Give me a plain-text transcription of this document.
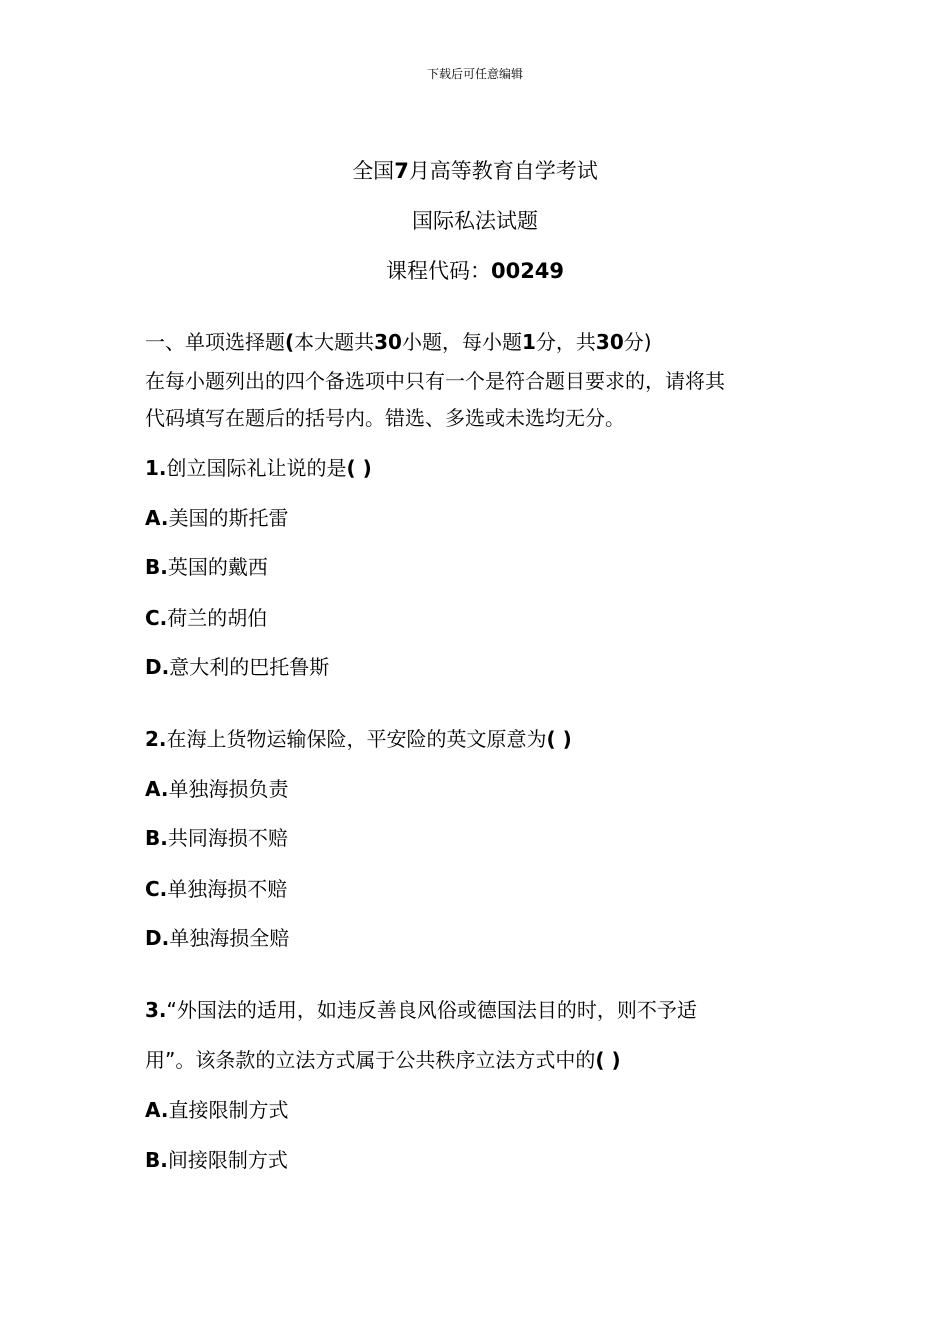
下载后可任意编辑
全国7月高等教育自学考试
国际私法试题
课程代码：00249
一、单项选择题(本大题共30小题，每小题1分，共30分)
在每小题列出的四个备选项中只有一个是符合题目要求的，请将其
代码填写在题后的括号内。错选、多选或未选均无分。
1.创立国际礼让说的是( )
A.美国的斯托雷
B.英国的戴西
C.荷兰的胡伯
D.意大利的巴托鲁斯
2.在海上货物运输保险，平安险的英文原意为( )
A.单独海损负责
B.共同海损不赔
C.单独海损不赔
D.单独海损全赔
3.“外国法的适用，如违反善良风俗或德国法目的时，则不予适
用”。该条款的立法方式属于公共秩序立法方式中的( )
A.直接限制方式
B.间接限制方式
